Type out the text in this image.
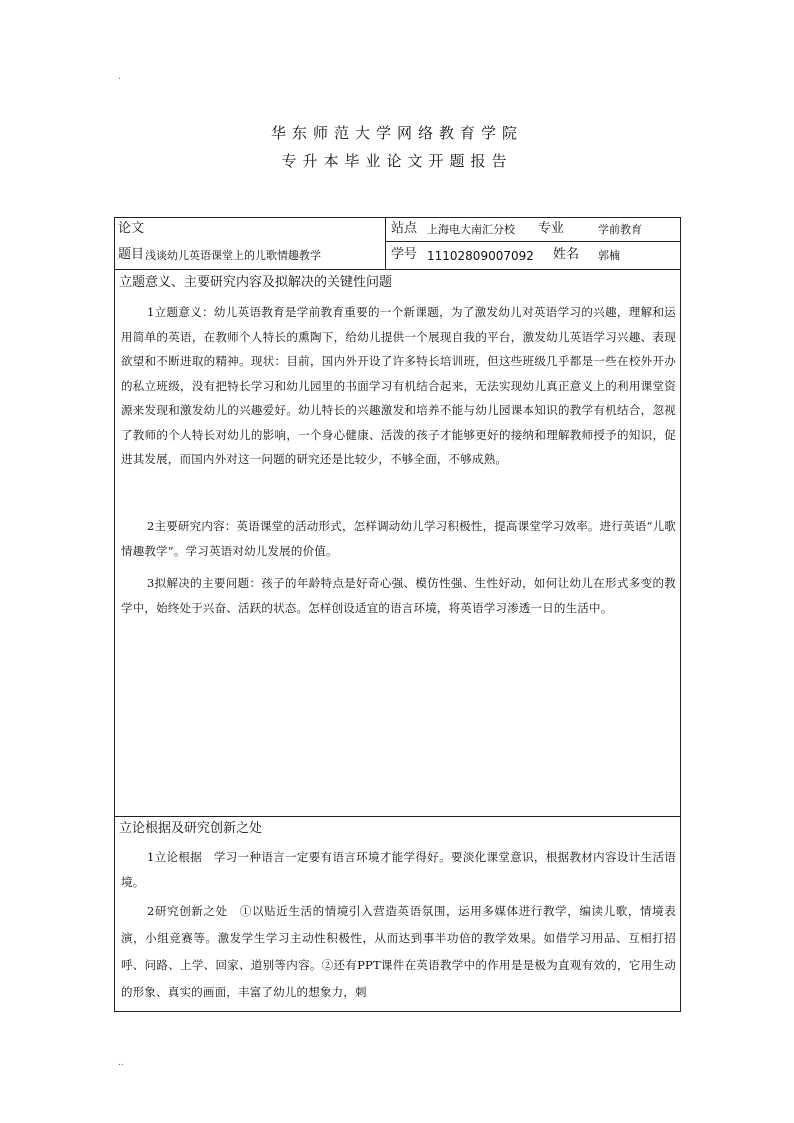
.
华东师范大学网络教育学院
专升本毕业论文开题报告
论文
题目 浅谈幼儿英语课堂上的儿歌情趣教学
站点 上海电大南汇分校 专业	学前教育
学号 11102809007092 姓名 郭楠
立题意义、主要研究内容及拟解决的关键性问题

1立题意义：幼儿英语教育是学前教育重要的一个新课题，为了激发幼儿对英语学习的兴趣，理解和运用简单的英语，在教师个人特长的熏陶下，给幼儿提供一个展现自我的平台，激发幼儿英语学习兴趣、表现欲望和不断进取的精神。现状：目前，国内外开设了许多特长培训班，但这些班级几乎都是一些在校外开办的私立班级，没有把特长学习和幼儿园里的书面学习有机结合起来，无法实现幼儿真正意义上的利用课堂资源来发现和激发幼儿的兴趣爱好。幼儿特长的兴趣激发和培养不能与幼儿园课本知识的教学有机结合，忽视了教师的个人特长对幼儿的影响，一个身心健康、活泼的孩子才能够更好的接纳和理解教师授予的知识，促进其发展，而国内外对这一问题的研究还是比较少，不够全面，不够成熟。

2主要研究内容：英语课堂的活动形式，怎样调动幼儿学习积极性，提高课堂学习效率。进行英语“儿歌情趣教学”。学习英语对幼儿发展的价值。

3拟解决的主要问题：孩子的年龄特点是好奇心强、模仿性强、生性好动，如何让幼儿在形式多变的教学中，始终处于兴奋、活跃的状态。怎样创设适宜的语言环境，将英语学习渗透一日的生活中。

立论根据及研究创新之处

1立论根据　学习一种语言一定要有语言环境才能学得好。要淡化课堂意识，根据教材内容设计生活语境。

2研究创新之处　①以贴近生活的情境引入营造英语氛围，运用多媒体进行教学，编读儿歌，情境表演，小组竞赛等。激发学生学习主动性积极性，从而达到事半功倍的教学效果。如借学习用品、互相打招呼、问路、上学、回家、道别等内容。②还有PPT课件在英语教学中的作用是是极为直观有效的，它用生动的形象、真实的画面，丰富了幼儿的想象力，刺

..
